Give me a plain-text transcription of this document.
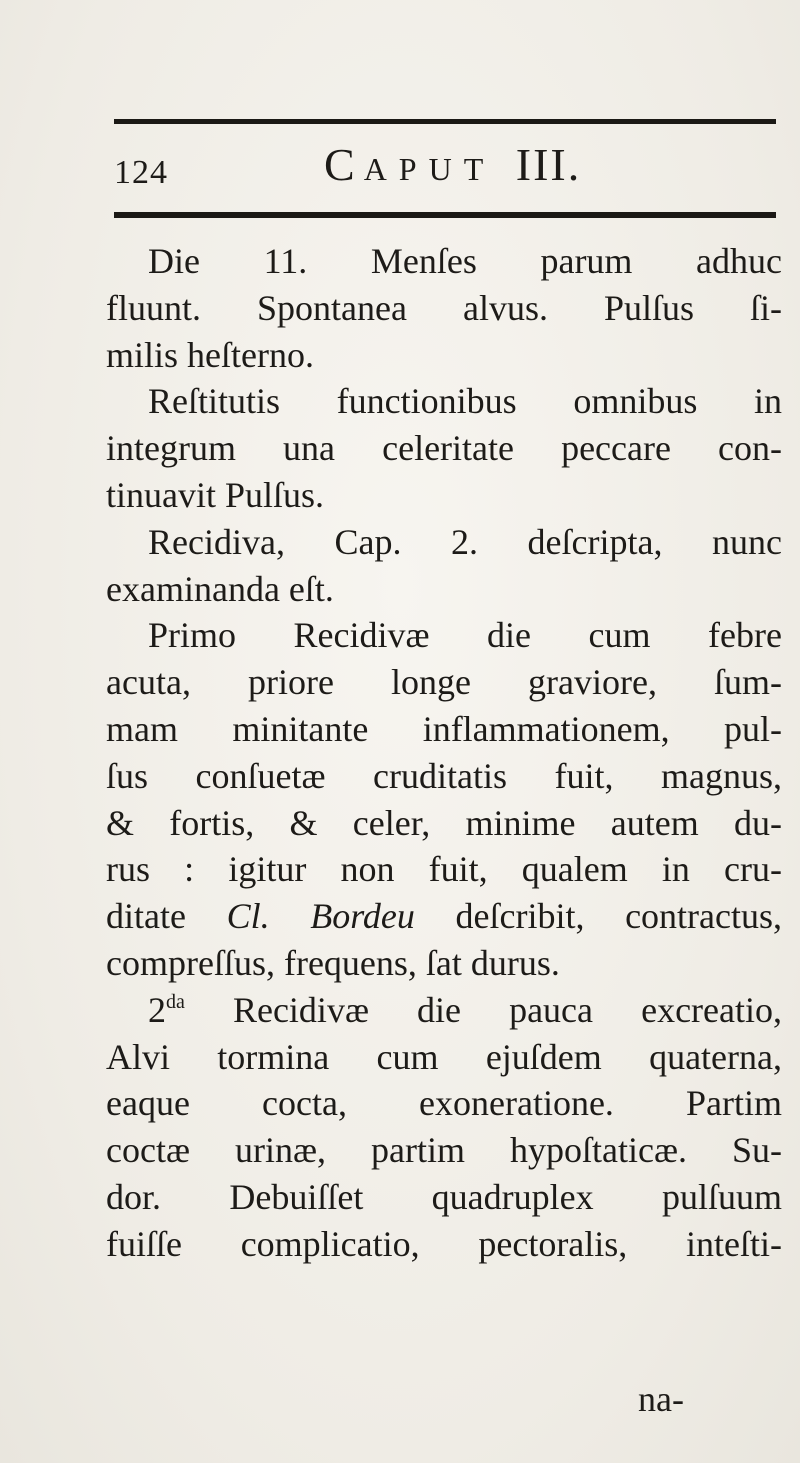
124	CAPUT III.
Die 11. Menſes parum adhuc
fluunt. Spontanea alvus. Pulſus ſi-
milis heſterno.
Reſtitutis functionibus omnibus in
integrum una celeritate peccare con-
tinuavit Pulſus.
Recidiva, Cap. 2. deſcripta, nunc
examinanda eſt.
Primo Recidivæ die cum febre
acuta, priore longe graviore, ſum-
mam minitante inflammationem, pul-
ſus conſuetæ cruditatis fuit, magnus,
& fortis, & celer, minime autem du-
rus : igitur non fuit, qualem in cru-
ditate Cl. Bordeu deſcribit, contractus,
compreſſus, frequens, ſat durus.
$2^{da}$ Recidivæ die pauca excreatio,
Alvi tormina cum ejuſdem quaterna,
eaque cocta, exoneratione. Partim
coctæ urinæ, partim hypoſtaticæ. Su-
dor. Debuiſſet quadruplex pulſuum
fuiſſe complicatio, pectoralis, inteſti-
na-
